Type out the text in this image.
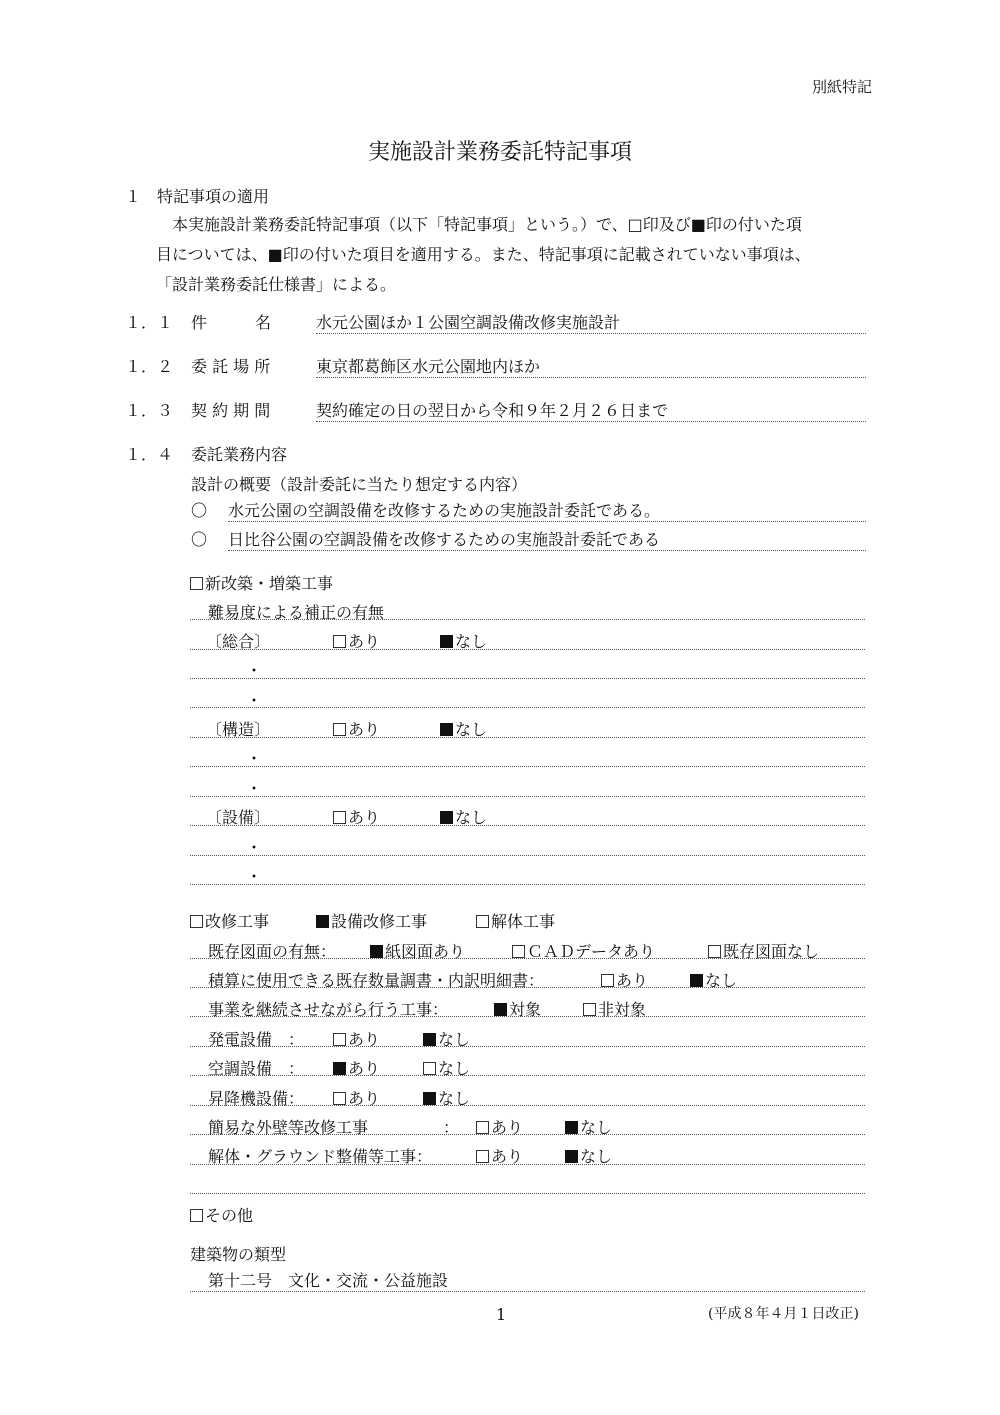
別紙特記
実施設計業務委託特記事項
１　特記事項の適用
本実施設計業務委託特記事項（以下「特記事項」という。）で、□印及び■印の付いた項
目については、■印の付いた項目を適用する。また、特記事項に記載されていない事項は、
「設計業務委託仕様書」による。
１．１ 件　　　名	水元公園ほか１公園空調設備改修実施設計
１．２ 委 託 場 所	東京都葛飾区水元公園地内ほか
１．３ 契 約 期 間	契約確定の日の翌日から令和９年２月２６日まで
１．４ 委託業務内容
設計の概要（設計委託に当たり想定する内容）
〇 水元公園の空調設備を改修するための実施設計委託である。
〇 日比谷公園の空調設備を改修するための実施設計委託である
新改築・増築工事
難易度による補正の有無
〔総合〕	あり	なし
・
・
〔構造〕	あり	なし
・
・
〔設備〕	あり	なし
・
・
改修工事	設備改修工事	解体工事
既存図面の有無：	紙図面あり	ＣＡＤデータあり	既存図面なし
積算に使用できる既存数量調書・内訳明細書：	あり	なし
事業を継続させながら行う工事：	対象	非対象
発電設備　：	あり	なし
空調設備　：	あり	なし
昇降機設備：	あり	なし
簡易な外壁等改修工事	：	あり	なし
解体・グラウンド整備等工事：	あり	なし
その他
建築物の類型
第十二号　文化・交流・公益施設
1	(平成８年４月１日改正)
